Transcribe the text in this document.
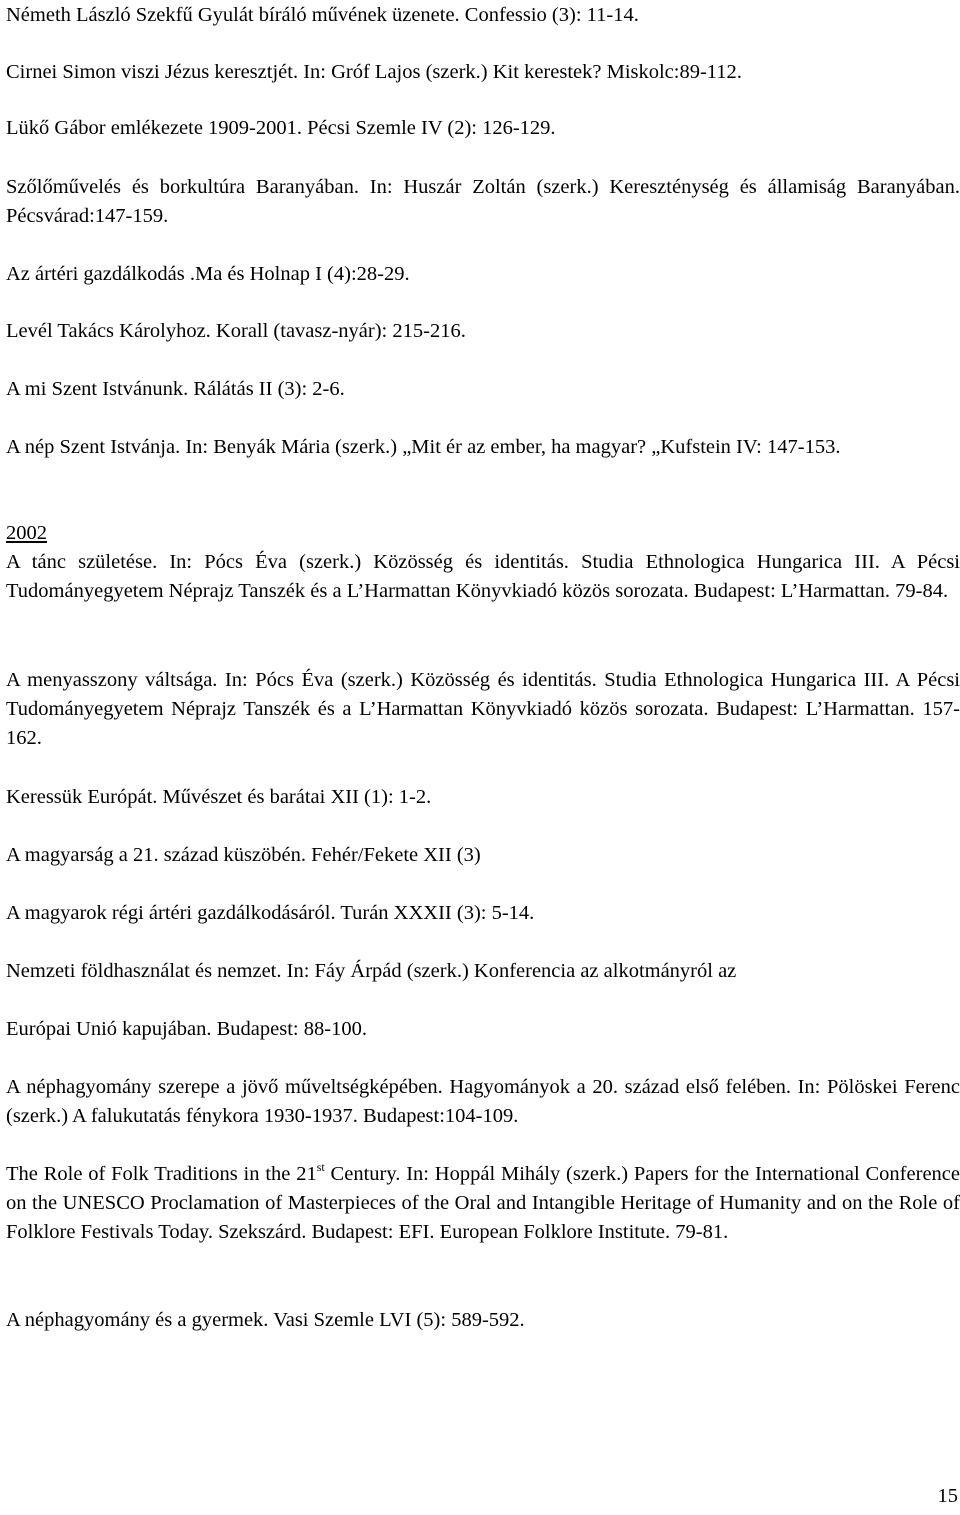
Németh László Szekfű Gyulát bíráló művének üzenete. Confessio (3): 11-14.

Cirnei Simon viszi Jézus keresztjét. In: Gróf Lajos (szerk.) Kit kerestek? Miskolc:89-112.

Lükő Gábor emlékezete 1909-2001. Pécsi Szemle IV (2): 126-129.

Szőlőművelés és borkultúra Baranyában. In: Huszár Zoltán (szerk.) Kereszténység és államiság Baranyában. Pécsvárad:147-159.

Az ártéri gazdálkodás .Ma és Holnap I (4):28-29.

Levél Takács Károlyhoz. Korall (tavasz-nyár): 215-216.

A mi Szent Istvánunk. Rálátás II (3): 2-6.

A nép Szent Istvánja. In: Benyák Mária (szerk.) „Mit ér az ember, ha magyar? „Kufstein IV: 147-153.

2002
A tánc születése. In: Pócs Éva (szerk.) Közösség és identitás. Studia Ethnologica Hungarica III. A Pécsi Tudományegyetem Néprajz Tanszék és a L’Harmattan Könyvkiadó közös sorozata. Budapest: L’Harmattan. 79-84.

A menyasszony váltsága. In: Pócs Éva (szerk.) Közösség és identitás. Studia Ethnologica Hungarica III. A Pécsi Tudományegyetem Néprajz Tanszék és a L’Harmattan Könyvkiadó közös sorozata. Budapest: L’Harmattan. 157-162.

Keressük Európát. Művészet és barátai XII (1): 1-2.

A magyarság a 21. század küszöbén. Fehér/Fekete XII (3)

A magyarok régi ártéri gazdálkodásáról. Turán XXXII (3): 5-14.

Nemzeti földhasználat és nemzet. In: Fáy Árpád (szerk.) Konferencia az alkotmányról az

Európai Unió kapujában. Budapest: 88-100.

A néphagyomány szerepe a jövő műveltségképében. Hagyományok a 20. század első felében. In: Pölöskei Ferenc (szerk.) A falukutatás fénykora 1930-1937. Budapest:104-109.

The Role of Folk Traditions in the 21st Century. In: Hoppál Mihály (szerk.) Papers for the International Conference on the UNESCO Proclamation of Masterpieces of the Oral and Intangible Heritage of Humanity and on the Role of Folklore Festivals Today. Szekszárd. Budapest: EFI. European Folklore Institute. 79-81.

A néphagyomány és a gyermek. Vasi Szemle LVI (5): 589-592.

15
